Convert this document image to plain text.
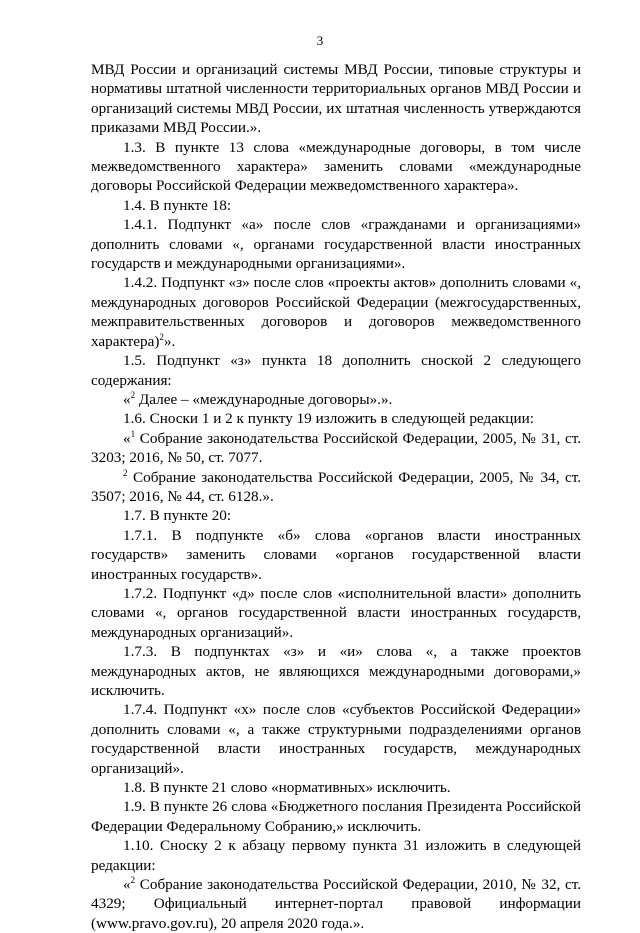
3

МВД России и организаций системы МВД России, типовые структуры и нормативы штатной численности территориальных органов МВД России и организаций системы МВД России, их штатная численность утверждаются приказами МВД России.».

1.3. В пункте 13 слова «международные договоры, в том числе межведомственного характера» заменить словами «международные договоры Российской Федерации межведомственного характера».

1.4. В пункте 18:

1.4.1. Подпункт «а» после слов «гражданами и организациями» дополнить словами «, органами государственной власти иностранных государств и международными организациями».

1.4.2. Подпункт «з» после слов «проекты актов» дополнить словами «, международных договоров Российской Федерации (межгосударственных, межправительственных договоров и договоров межведомственного характера)$^2$».

1.5. Подпункт «з» пункта 18 дополнить сноской 2 следующего содержания:

«$^2$ Далее – «международные договоры».».

1.6. Сноски 1 и 2 к пункту 19 изложить в следующей редакции:

«$^1$ Собрание законодательства Российской Федерации, 2005, № 31, ст. 3203; 2016, № 50, ст. 7077.

$^2$ Собрание законодательства Российской Федерации, 2005, № 34, ст. 3507; 2016, № 44, ст. 6128.».

1.7. В пункте 20:

1.7.1. В подпункте «б» слова «органов власти иностранных государств» заменить словами «органов государственной власти иностранных государств».

1.7.2. Подпункт «д» после слов «исполнительной власти» дополнить словами «, органов государственной власти иностранных государств, международных организаций».

1.7.3. В подпунктах «з» и «и» слова «, а также проектов международных актов, не являющихся международными договорами,» исключить.

1.7.4. Подпункт «х» после слов «субъектов Российской Федерации» дополнить словами «, а также структурными подразделениями органов государственной власти иностранных государств, международных организаций».

1.8. В пункте 21 слово «нормативных» исключить.

1.9. В пункте 26 слова «Бюджетного послания Президента Российской Федерации Федеральному Собранию,» исключить.

1.10. Сноску 2 к абзацу первому пункта 31 изложить в следующей редакции:

«$^2$ Собрание законодательства Российской Федерации, 2010, № 32, ст. 4329; Официальный интернет-портал правовой информации (www.pravo.gov.ru), 20 апреля 2020 года.».
